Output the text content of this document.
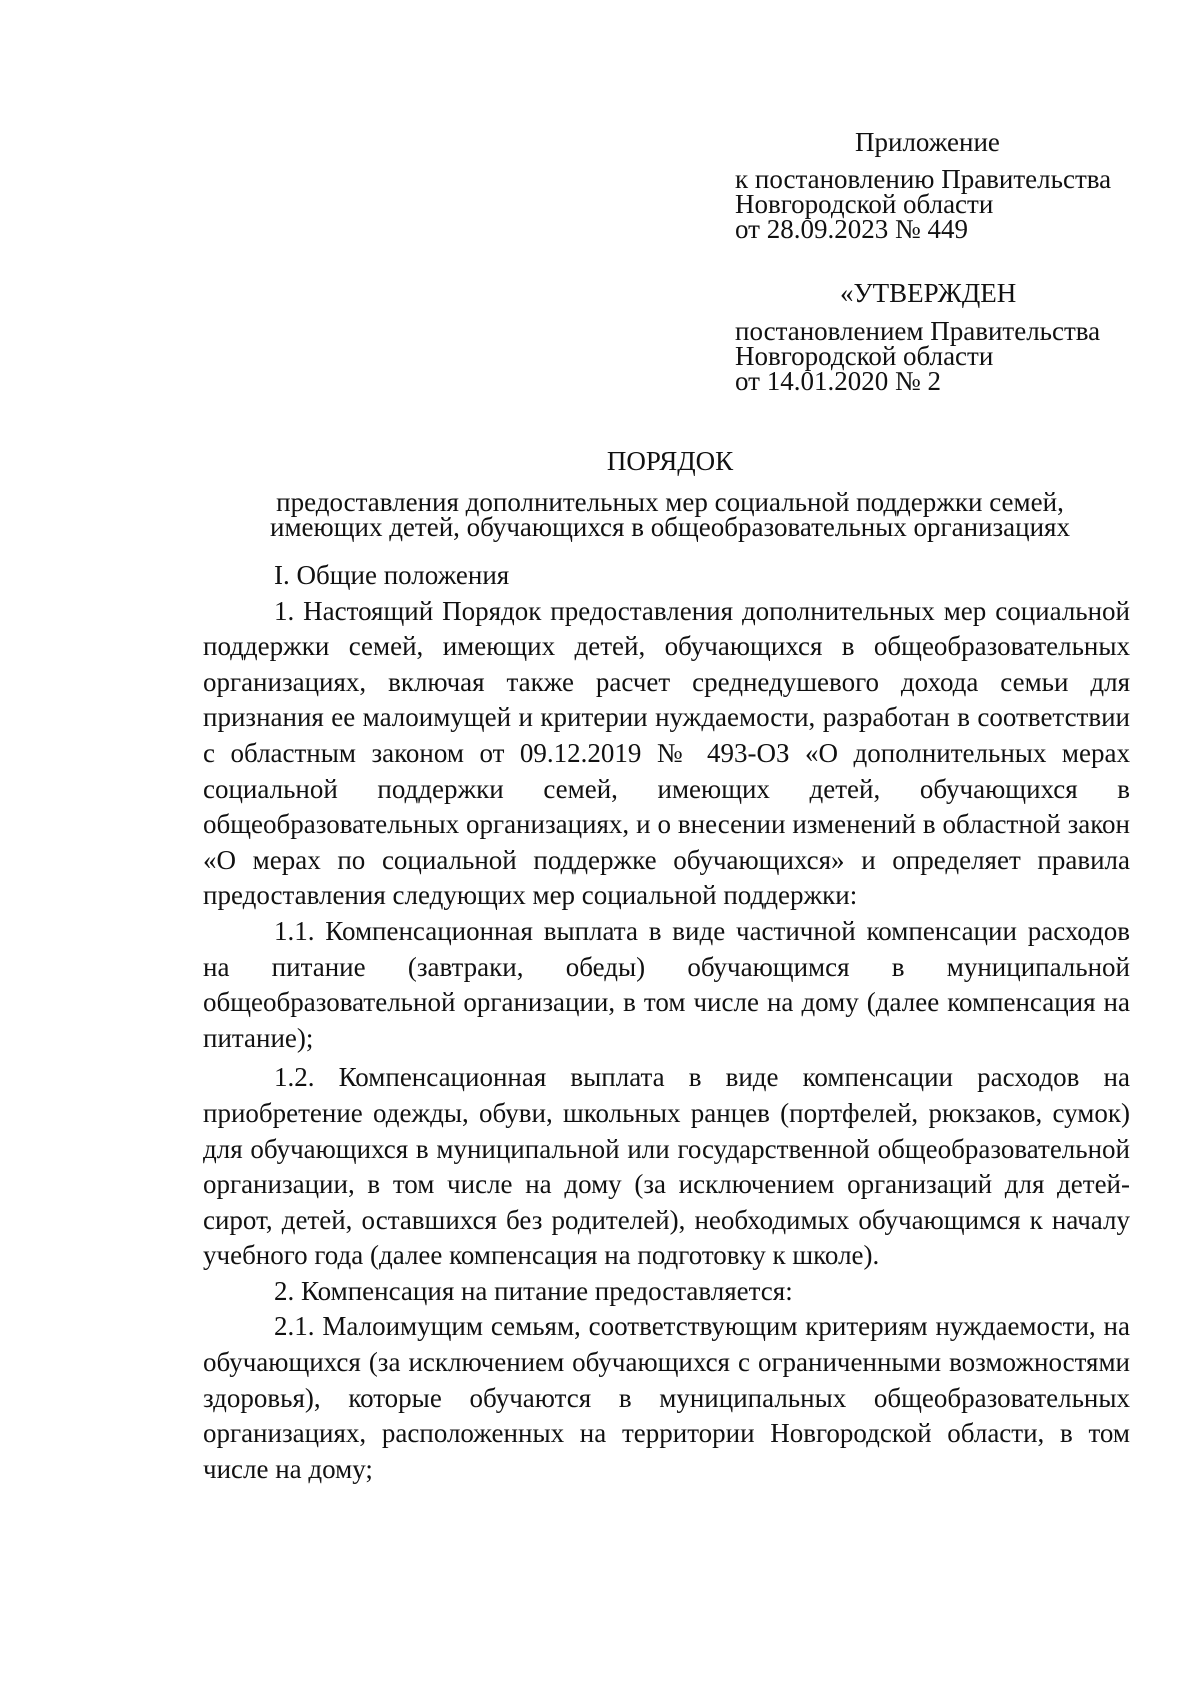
Приложение
к постановлению Правительства
Новгородской области
от 28.09.2023 № 449
«УТВЕРЖДЕН
постановлением Правительства
Новгородской области
от 14.01.2020 № 2
ПОРЯДОК
предоставления дополнительных мер социальной поддержки семей,
имеющих детей, обучающихся в общеобразовательных организациях

I. Общие положения

1. Настоящий Порядок предоставления дополнительных мер социальной поддержки семей, имеющих детей, обучающихся в общеобразовательных организациях, включая также расчет среднедушевого дохода семьи для признания ее малоимущей и критерии нуждаемости, разработан в соответствии с областным законом от 09.12.2019 № 493-ОЗ «О дополнительных мерах социальной поддержки семей, имеющих детей, обучающихся в общеобразовательных организациях, и о внесении изменений в областной закон «О мерах по социальной поддержке обучающихся» и определяет правила предоставления следующих мер социальной поддержки:

1.1. Компенсационная выплата в виде частичной компенсации расходов на питание (завтраки, обеды) обучающимся в муниципальной общеобразовательной организации, в том числе на дому (далее компенсация на питание);

1.2. Компенсационная выплата в виде компенсации расходов на приобретение одежды, обуви, школьных ранцев (портфелей, рюкзаков, сумок) для обучающихся в муниципальной или государственной общеобразовательной организации, в том числе на дому (за исключением организаций для детей-сирот, детей, оставшихся без родителей), необходимых обучающимся к началу учебного года (далее компенсация на подготовку к школе).

2. Компенсация на питание предоставляется:

2.1. Малоимущим семьям, соответствующим критериям нуждаемости, на обучающихся (за исключением обучающихся с ограниченными возможностями здоровья), которые обучаются в муниципальных общеобразовательных организациях, расположенных на территории Новгородской области, в том числе на дому;
